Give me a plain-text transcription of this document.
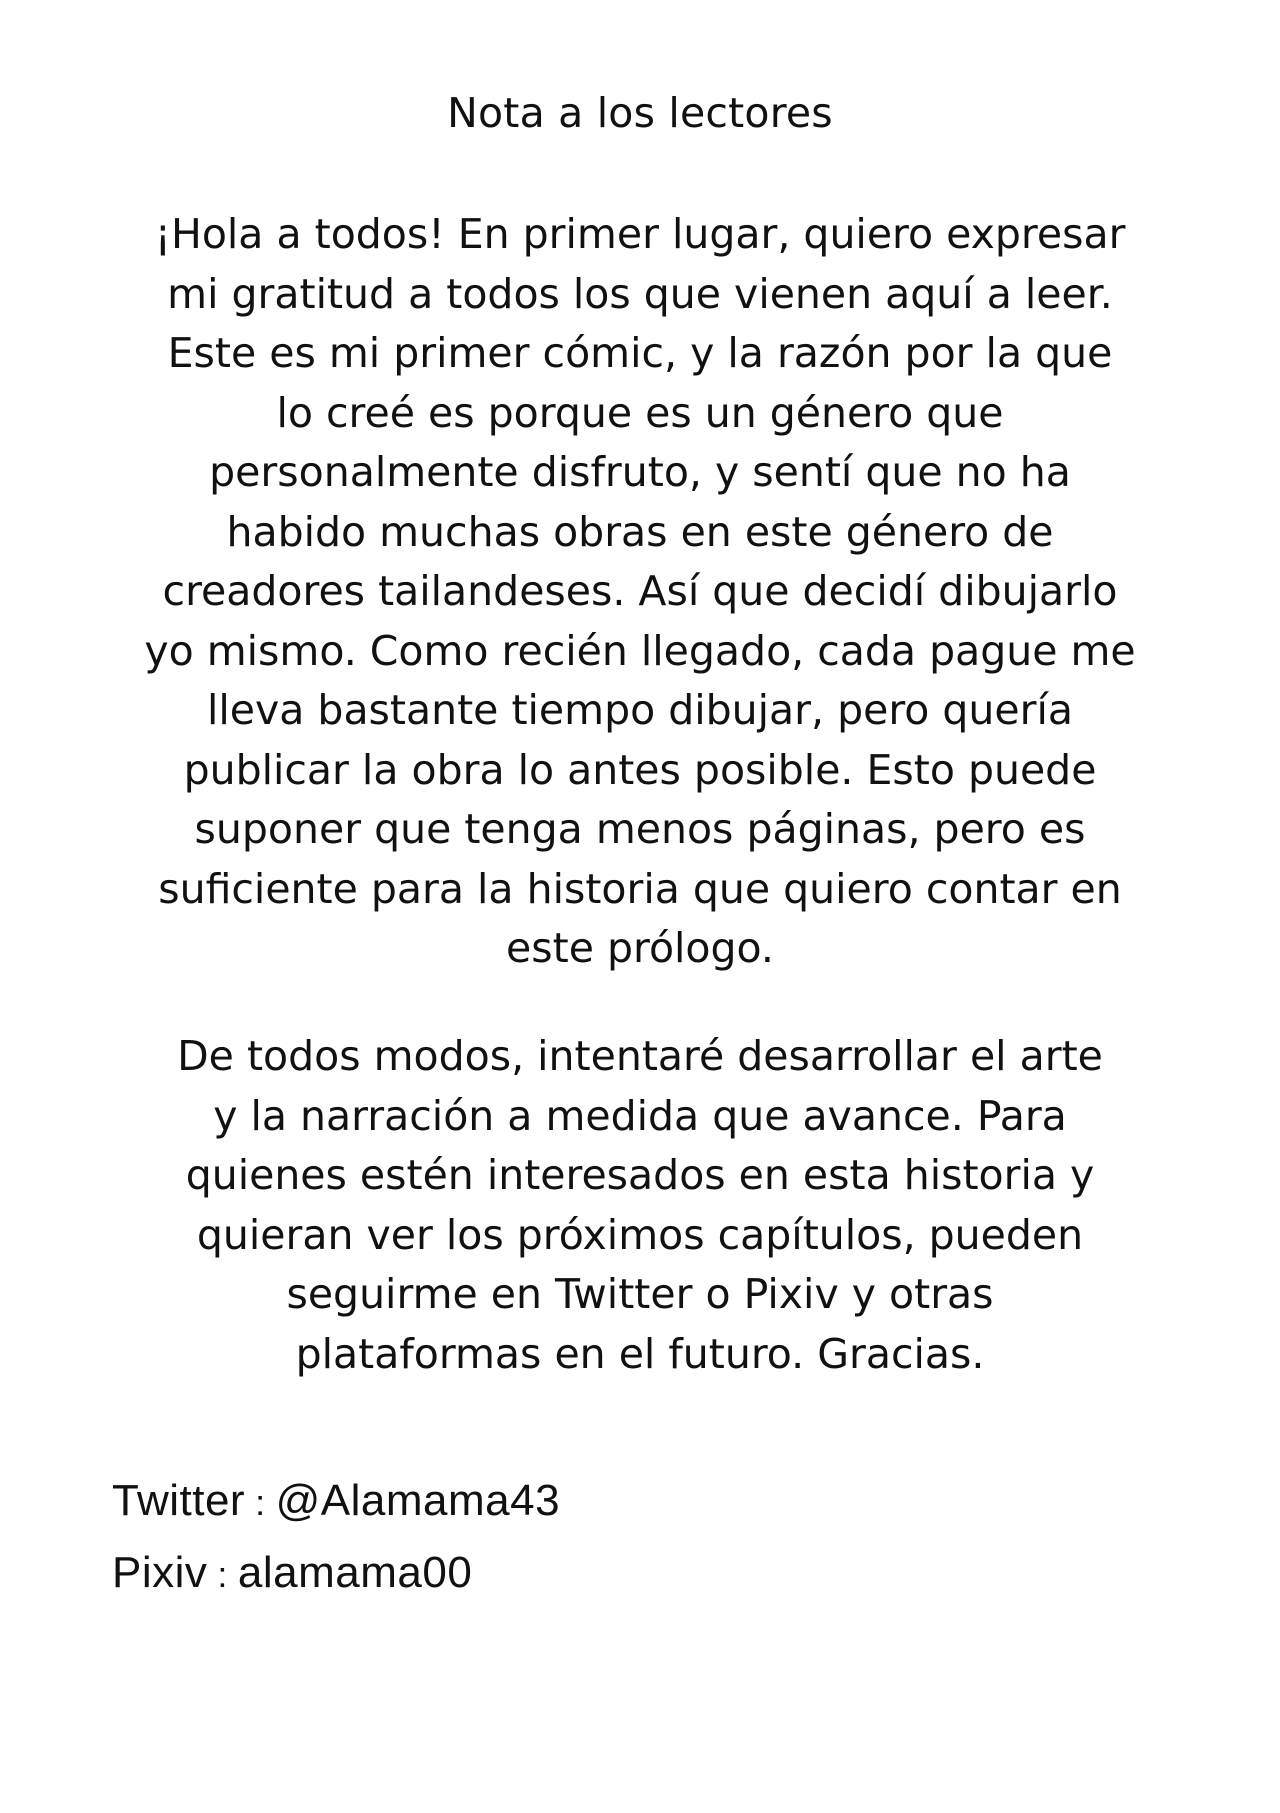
Nota a los lectores
¡Hola a todos! En primer lugar, quiero expresar
mi gratitud a todos los que vienen aquí a leer.
Este es mi primer cómic, y la razón por la que
lo creé es porque es un género que
personalmente disfruto, y sentí que no ha
habido muchas obras en este género de
creadores tailandeses. Así que decidí dibujarlo
yo mismo. Como recién llegado, cada pague me
lleva bastante tiempo dibujar, pero quería
publicar la obra lo antes posible. Esto puede
suponer que tenga menos páginas, pero es
suficiente para la historia que quiero contar en
este prólogo.
De todos modos, intentaré desarrollar el arte
y la narración a medida que avance. Para
quienes estén interesados en esta historia y
quieran ver los próximos capítulos, pueden
seguirme en Twitter o Pixiv y otras
plataformas en el futuro. Gracias.
Twitter : @Alamama43
Pixiv : alamama00
